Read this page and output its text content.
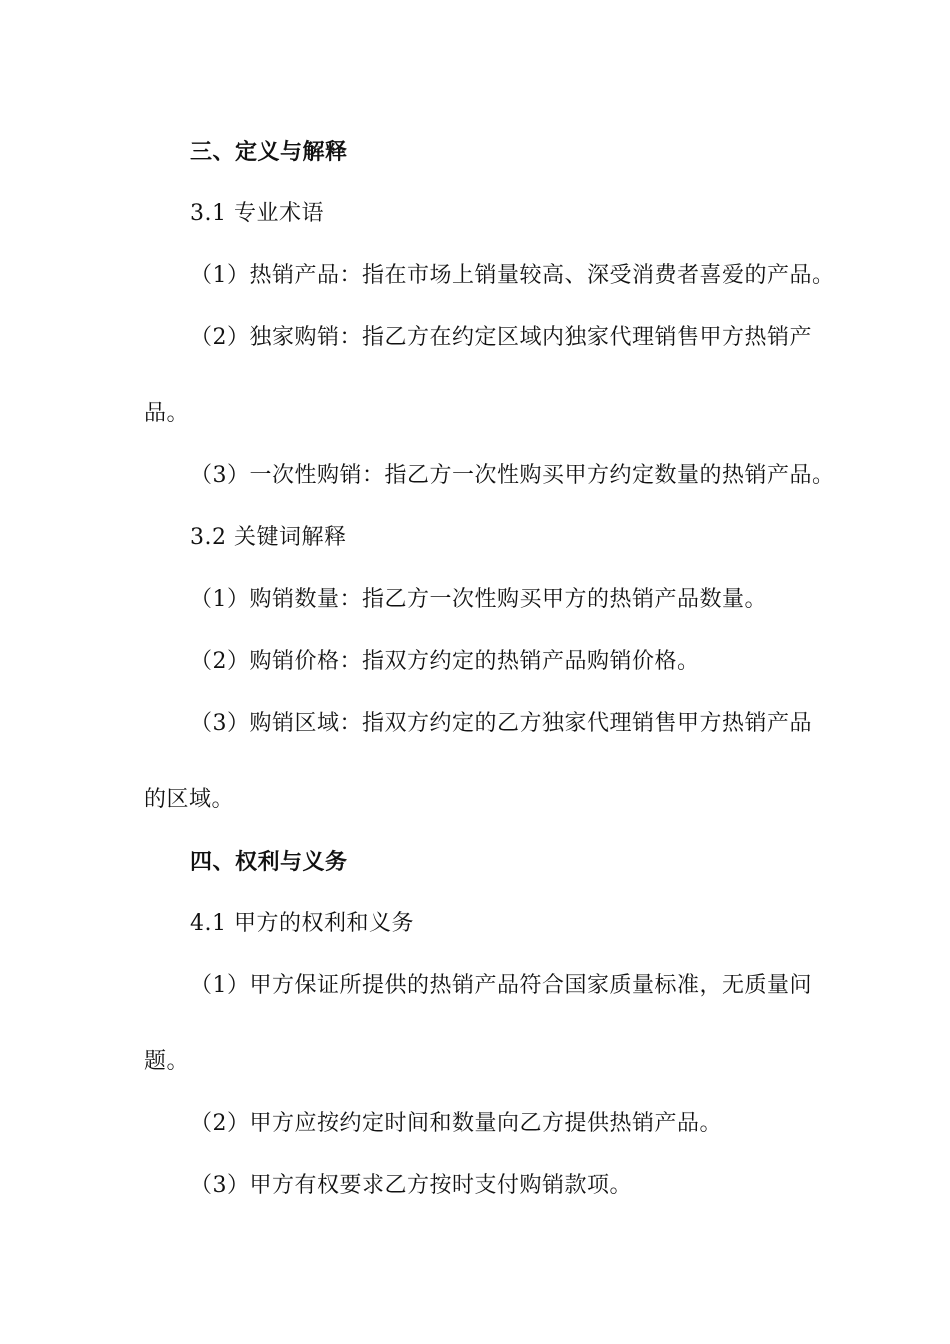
三、定义与解释
3.1 专业术语
（1）热销产品：指在市场上销量较高、深受消费者喜爱的产品。
（2）独家购销：指乙方在约定区域内独家代理销售甲方热销产
品。
（3）一次性购销：指乙方一次性购买甲方约定数量的热销产品。
3.2 关键词解释
（1）购销数量：指乙方一次性购买甲方的热销产品数量。
（2）购销价格：指双方约定的热销产品购销价格。
（3）购销区域：指双方约定的乙方独家代理销售甲方热销产品
的区域。
四、权利与义务
4.1 甲方的权利和义务
（1）甲方保证所提供的热销产品符合国家质量标准，无质量问
题。
（2）甲方应按约定时间和数量向乙方提供热销产品。
（3）甲方有权要求乙方按时支付购销款项。
